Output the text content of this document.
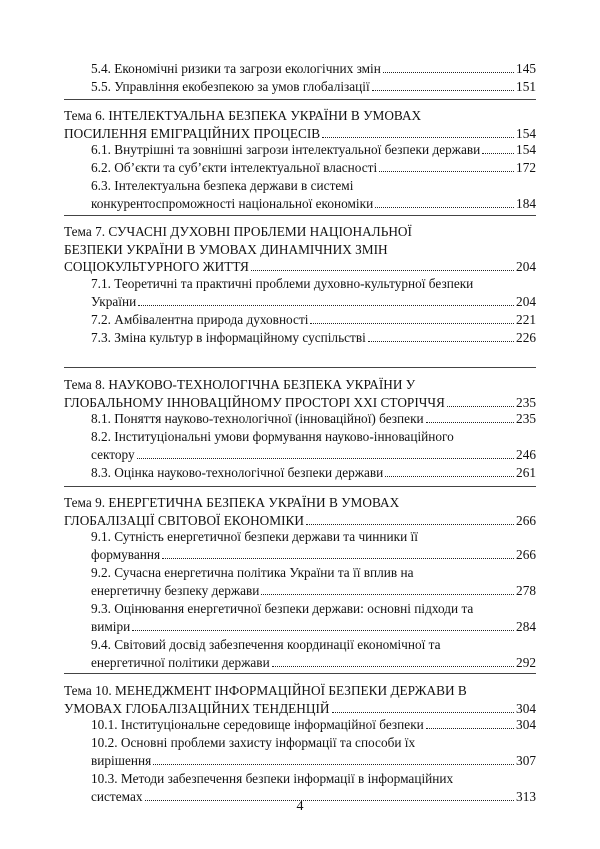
5.4. Економічні ризики та загрози екологічних змін	145
5.5. Управління екобезпекою за умов глобалізації	151
Тема 6. ІНТЕЛЕКТУАЛЬНА БЕЗПЕКА УКРАЇНИ В УМОВАХ
ПОСИЛЕННЯ ЕМІГРАЦІЙНИХ ПРОЦЕСІВ	154
6.1. Внутрішні та зовнішні загрози інтелектуальної безпеки держави	154
6.2. Об’єкти та суб’єкти інтелектуальної власності	172
6.3. Інтелектуальна безпека держави в системі
конкурентоспроможності національної економіки	184
Тема 7. СУЧАСНІ ДУХОВНІ ПРОБЛЕМИ НАЦІОНАЛЬНОЇ
БЕЗПЕКИ УКРАЇНИ В УМОВАХ ДИНАМІЧНИХ ЗМІН
СОЦІОКУЛЬТУРНОГО ЖИТТЯ	204
7.1. Теоретичні та практичні проблеми духовно-культурної безпеки
України	204
7.2. Амбівалентна природа духовності	221
7.3. Зміна культур в інформаційному суспільстві	226
Тема 8. НАУКОВО-ТЕХНОЛОГІЧНА БЕЗПЕКА УКРАЇНИ У
ГЛОБАЛЬНОМУ ІННОВАЦІЙНОМУ ПРОСТОРІ ХХІ СТОРІЧЧЯ	235
8.1. Поняття науково-технологічної (інноваційної) безпеки	235
8.2. Інституціональні умови формування науково-інноваційного
сектору	246
8.3. Оцінка науково-технологічної безпеки держави	261
Тема 9. ЕНЕРГЕТИЧНА БЕЗПЕКА УКРАЇНИ В УМОВАХ
ГЛОБАЛІЗАЦІЇ СВІТОВОЇ ЕКОНОМІКИ	266
9.1. Сутність енергетичної безпеки держави та чинники її
формування	266
9.2. Сучасна енергетична політика України та її вплив на
енергетичну безпеку держави	278
9.3. Оцінювання енергетичної безпеки держави: основні підходи та
виміри	284
9.4. Світовий досвід забезпечення координації економічної та
енергетичної політики держави	292
Тема 10. МЕНЕДЖМЕНТ ІНФОРМАЦІЙНОЇ БЕЗПЕКИ ДЕРЖАВИ В
УМОВАХ ГЛОБАЛІЗАЦІЙНИХ ТЕНДЕНЦІЙ	304
10.1. Інституціональне середовище інформаційної безпеки	304
10.2. Основні проблеми захисту інформації та способи їх
вирішення	307
10.3. Методи забезпечення безпеки інформації в інформаційних
системах	313
4
